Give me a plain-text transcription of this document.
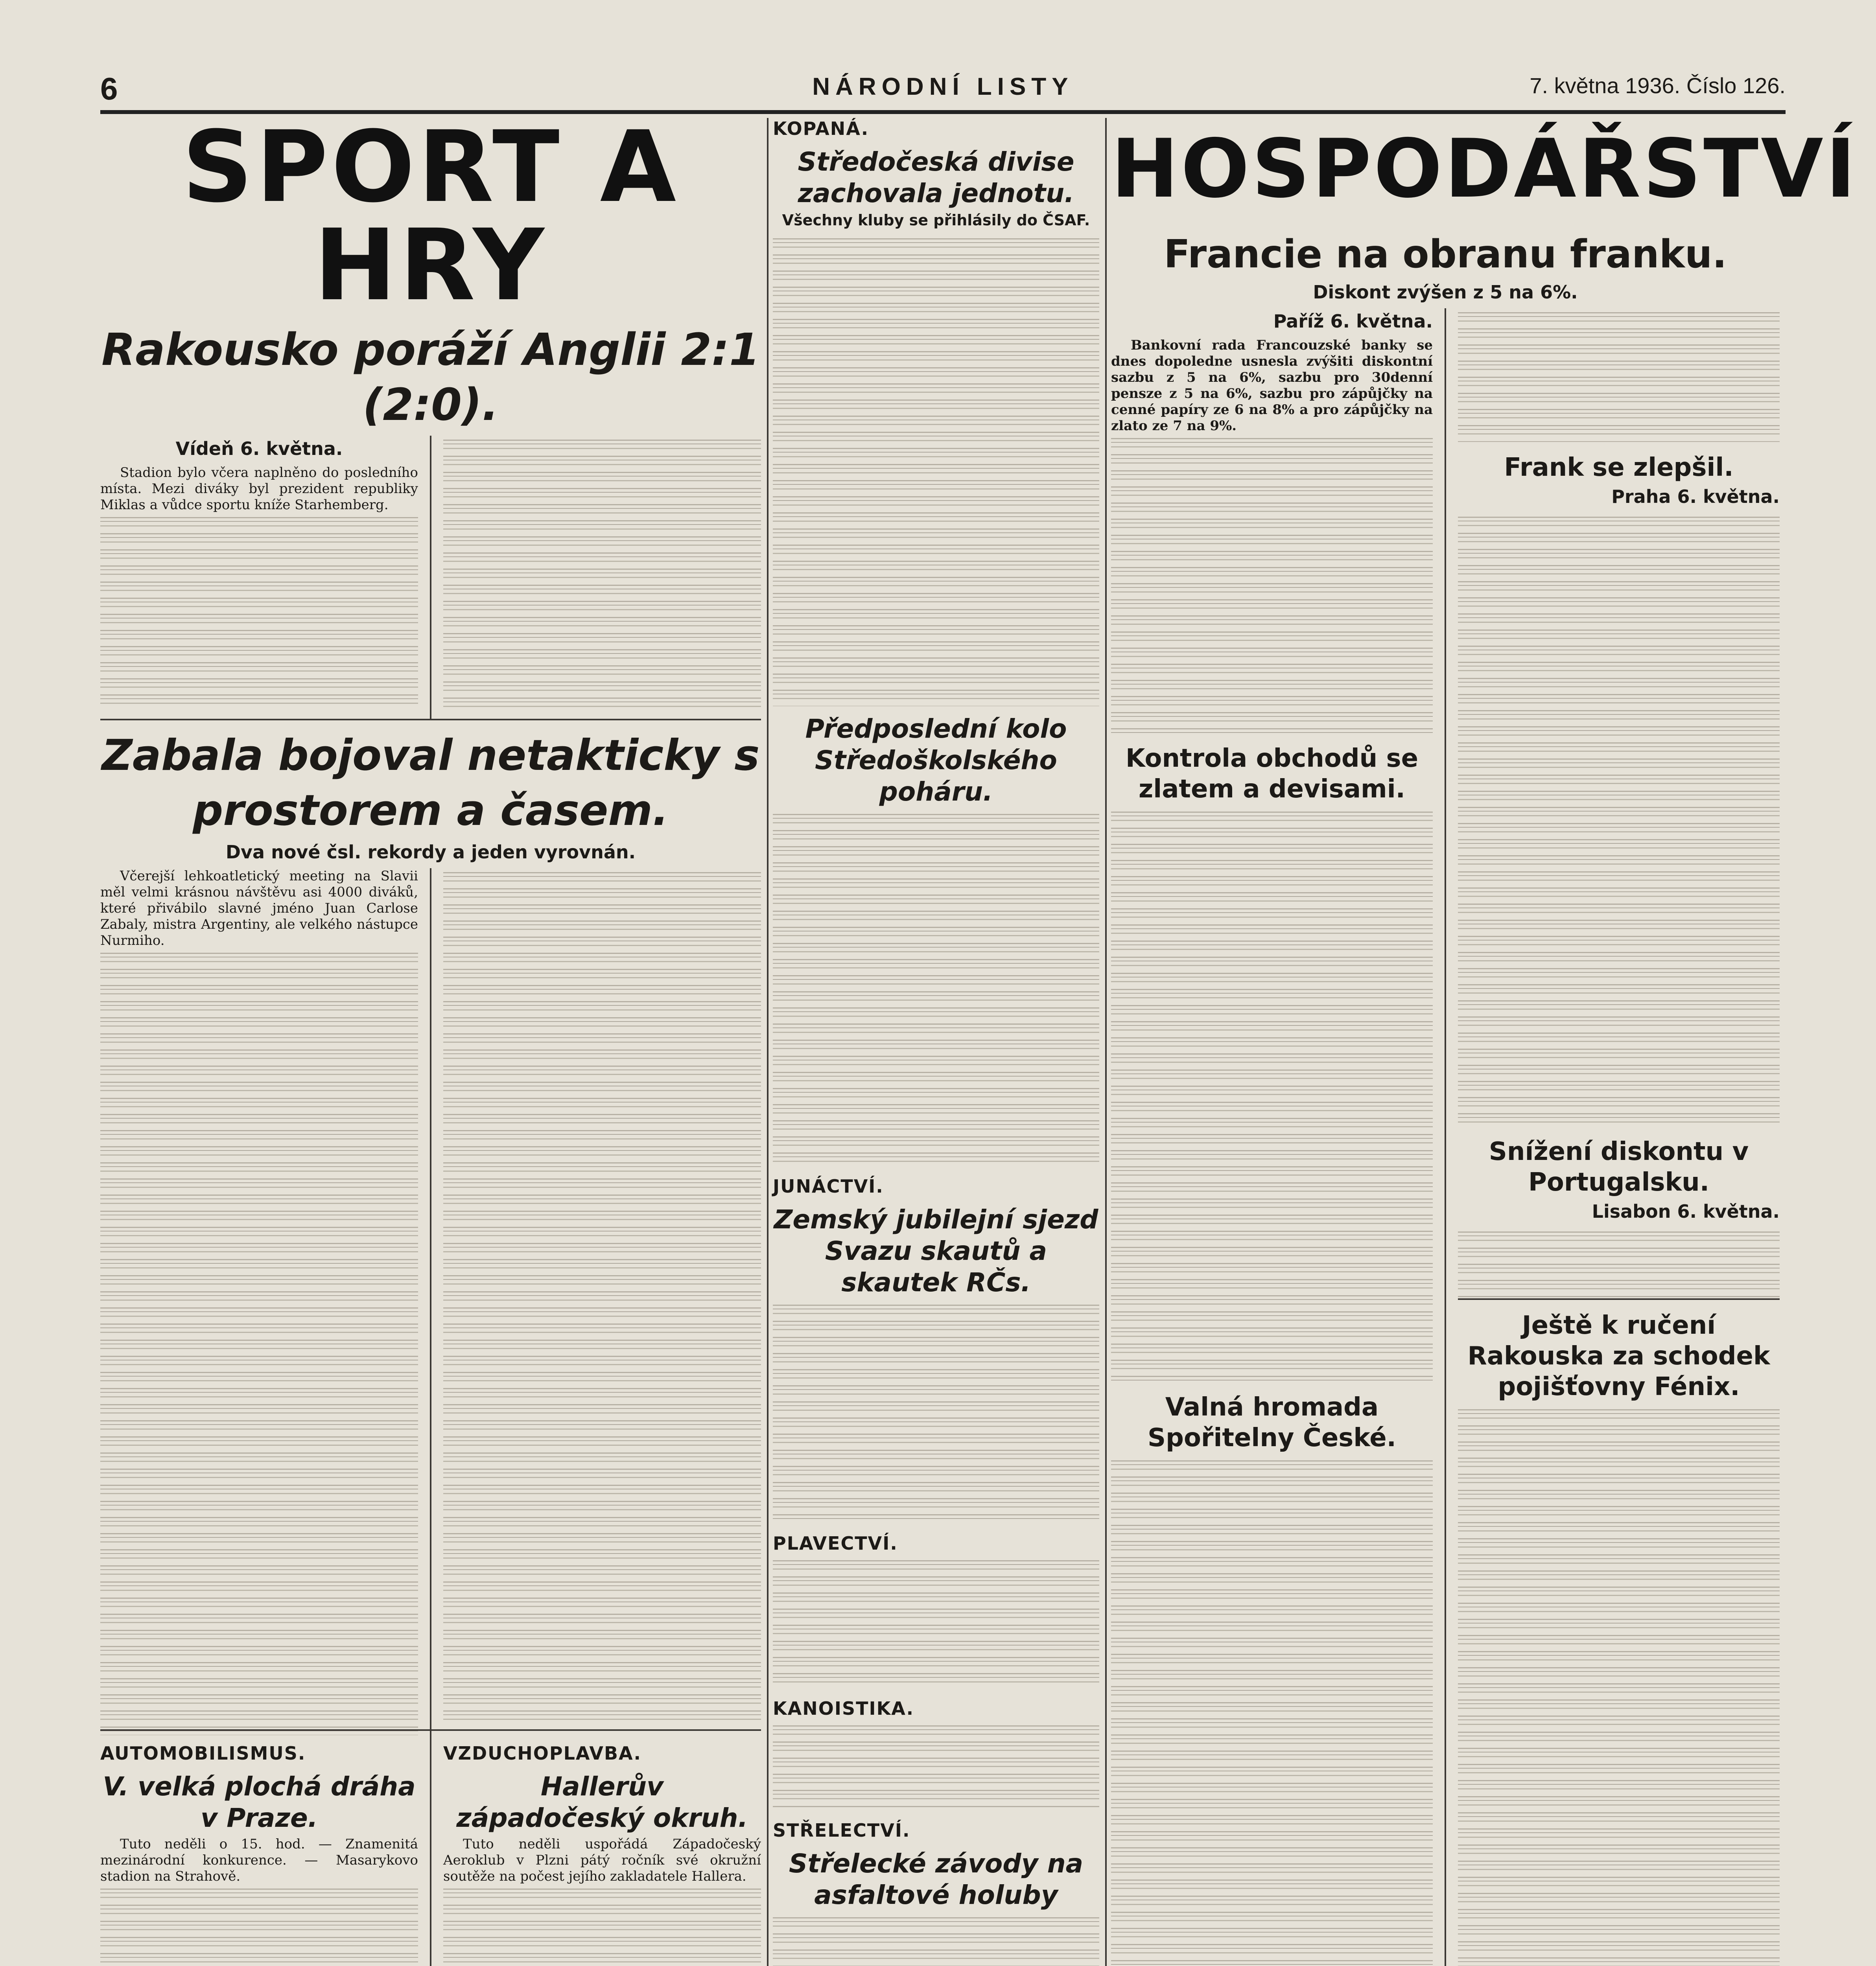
6	NÁRODNÍ LISTY	7. května 1936. Číslo 126.
SPORT A HRY
Rakousko poráží Anglii 2:1 (2:0).
Vídeň 6. května.

Stadion bylo včera naplněno do posledního místa. Mezi diváky byl prezident republiky Miklas a vůdce sportu kníže Starhemberg.

Zabala bojoval netakticky s prostorem a časem.
Dva nové čsl. rekordy a jeden vyrovnán.

Včerejší lehkoatletický meeting na Slavii měl velmi krásnou návštěvu asi 4000 diváků, které přivábilo slavné jméno Juan Carlose Zabaly, mistra Argentiny, ale velkého nástupce Nurmiho.

AUTOMOBILISMUS.
V. velká plochá dráha v Praze.

Tuto neděli o 15. hod. — Znamenitá mezinárodní konkurence. — Masarykovo stadion na Strahově.

VZDUCHOPLAVBA.
Hallerův západočeský okruh.

Tuto neděli uspořádá Západočeský Aeroklub v Plzni pátý ročník své okružní soutěže na počest jejího zakladatele Hallera.

KOPANÁ.
Středočeská divise zachovala jednotu.
Všechny kluby se přihlásily do ČSAF.
Předposlední kolo Středoškolského poháru.
JUNÁCTVÍ.
Zemský jubilejní sjezd Svazu skautů a skautek RČs.
PLAVECTVÍ.
KANOISTIKA.
STŘELECTVÍ.
Střelecké závody na asfaltové holuby
HOSPODÁŘSTVÍ
Francie na obranu franku.
Diskont zvýšen z 5 na 6%.
Paříž 6. května.

Bankovní rada Francouzské banky se dnes dopoledne usnesla zvýšiti diskontní sazbu z 5 na 6%, sazbu pro 30denní pensze z 5 na 6%, sazbu pro zápůjčky na cenné papíry ze 6 na 8% a pro zápůjčky na zlato ze 7 na 9%.

Kontrola obchodů se zlatem a devisami.
Valná hromada Spořitelny České.
Frank se zlepšil.
Praha 6. května.
Snížení diskontu v Portugalsku.
Lisabon 6. května.
Ještě k ručení Rakouska za schodek pojišťovny Fénix.
